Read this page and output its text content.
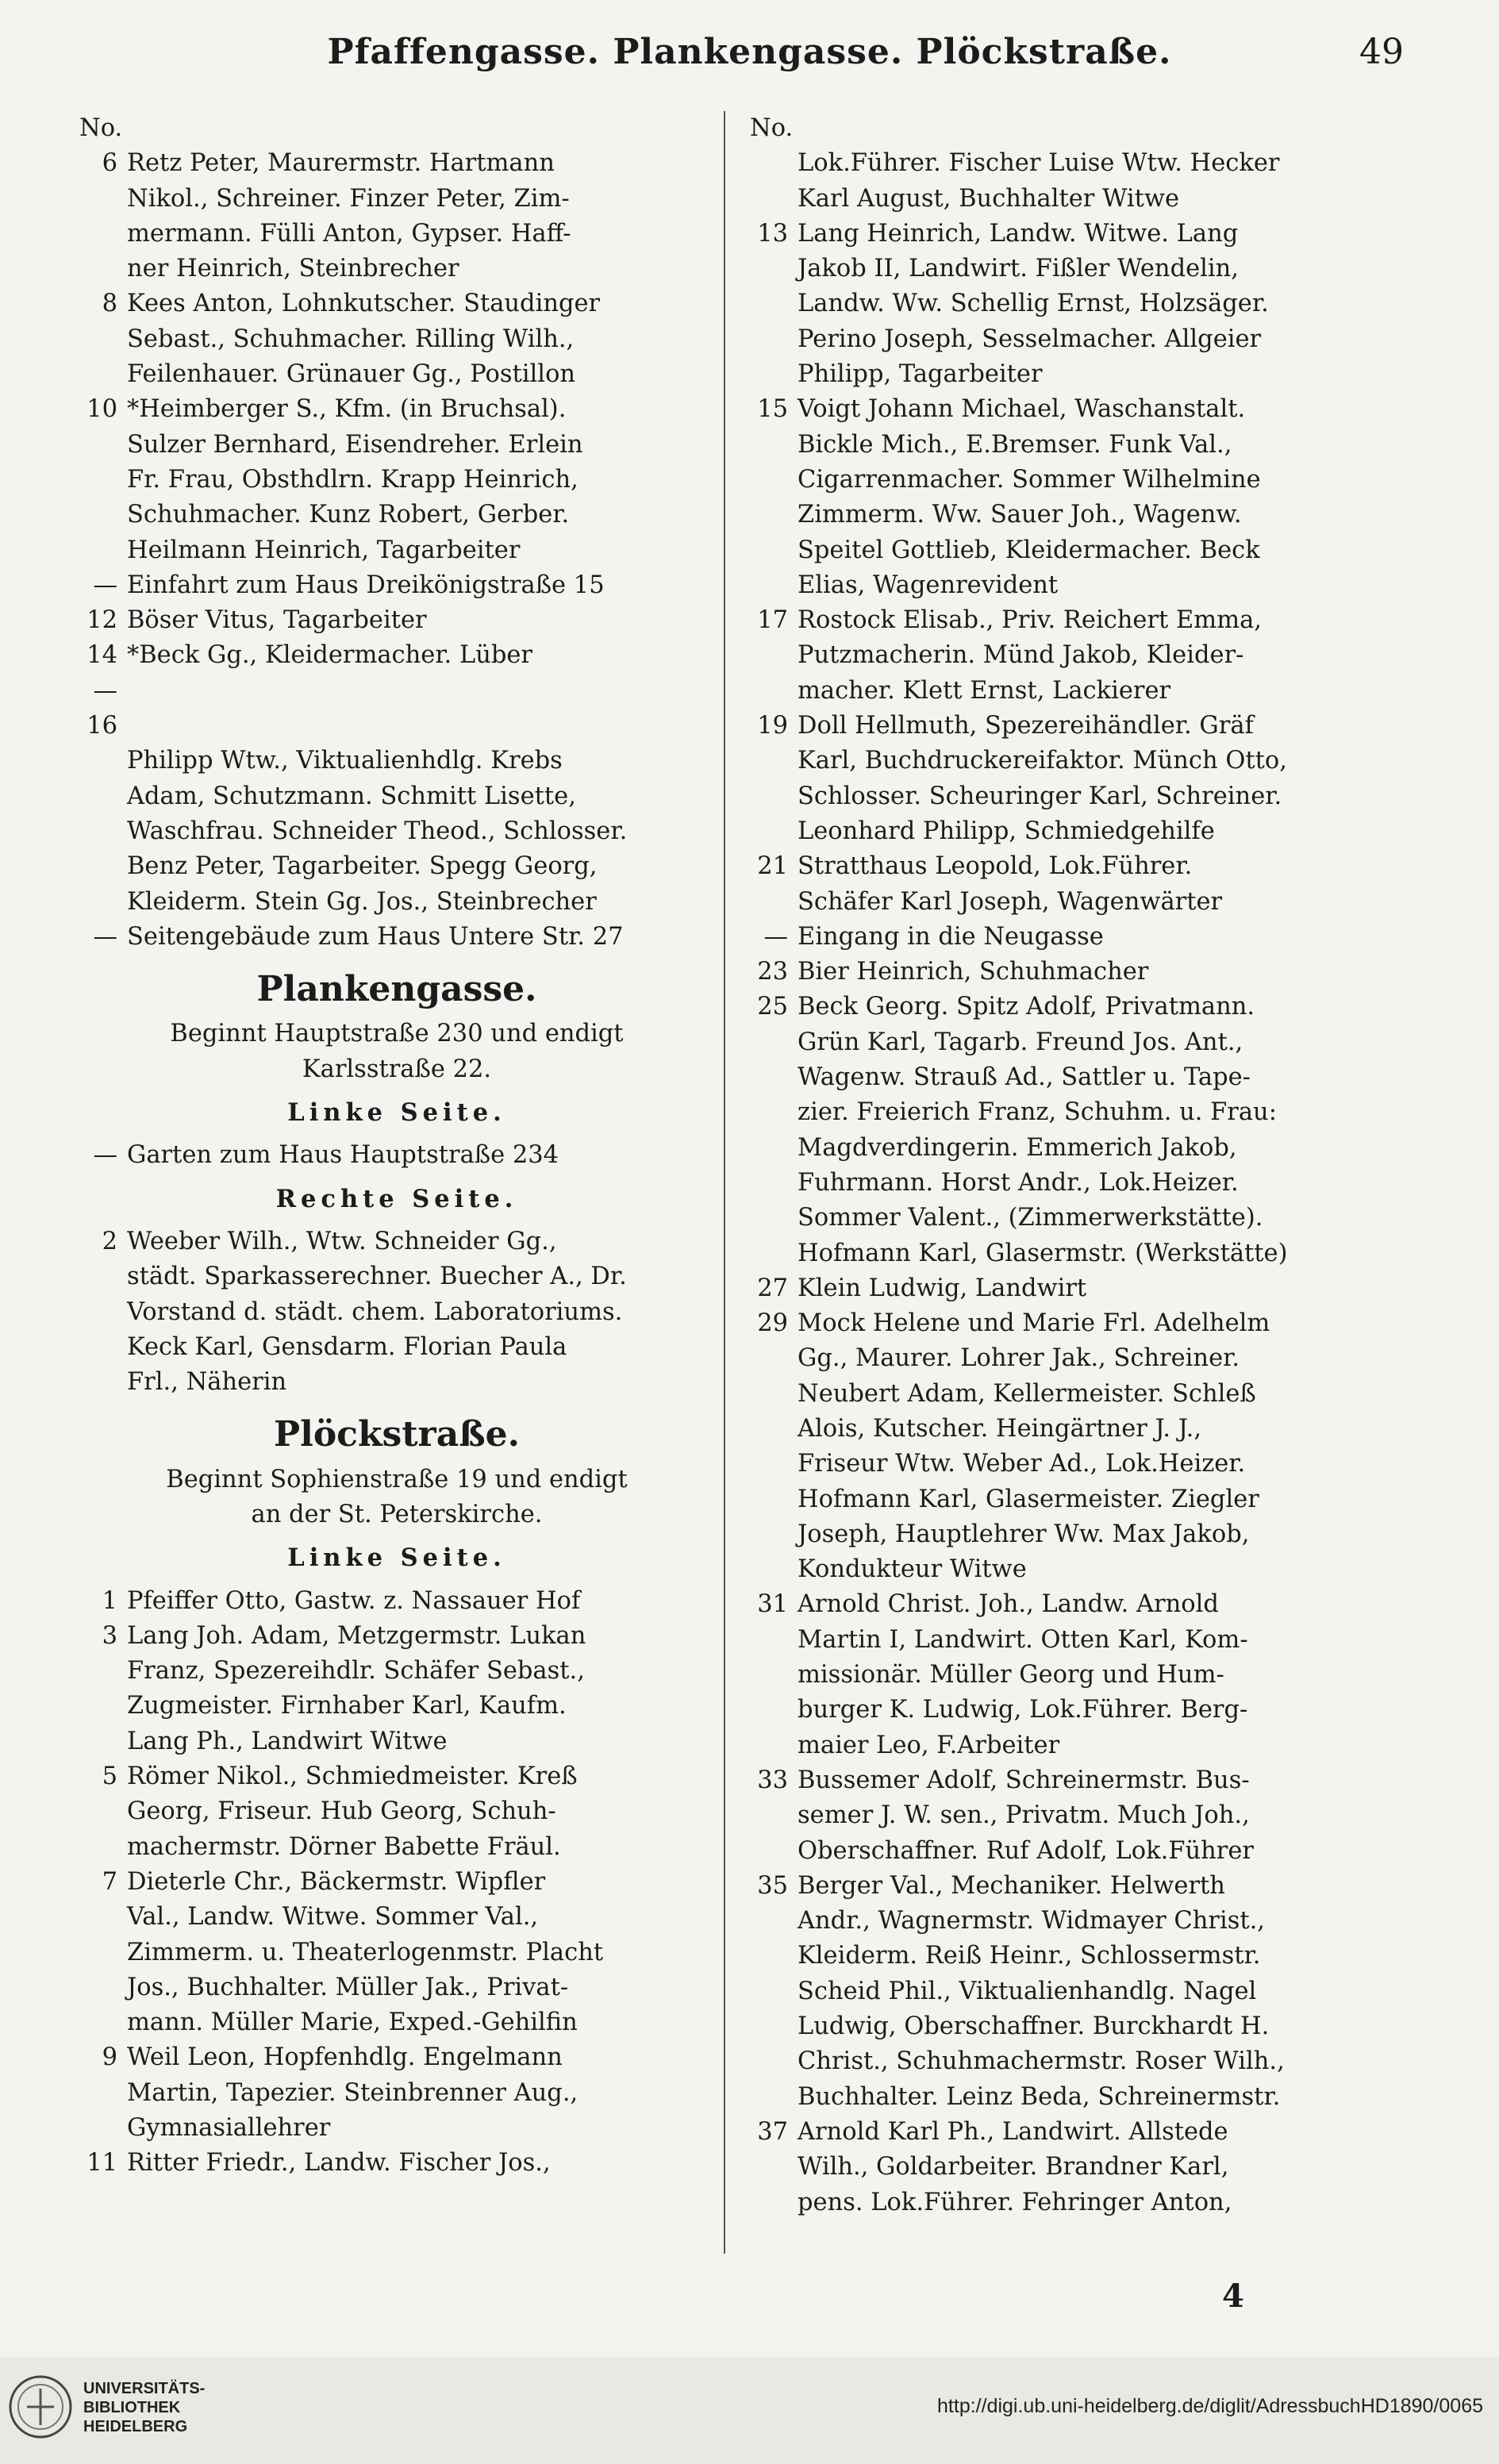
Pfaffengasse. Plankengasse. Plöckstraße.	49
No.
6 Retz Peter, Maurermstr. Hartmann
Nikol., Schreiner. Finzer Peter, Zim-
mermann. Fülli Anton, Gypser. Haff-
ner Heinrich, Steinbrecher
8 Kees Anton, Lohnkutscher. Staudinger
Sebast., Schuhmacher. Rilling Wilh.,
Feilenhauer. Grünauer Gg., Postillon
10 *Heimberger S., Kfm. (in Bruchsal).
Sulzer Bernhard, Eisendreher. Erlein
Fr. Frau, Obsthdlrn. Krapp Heinrich,
Schuhmacher. Kunz Robert, Gerber.
Heilmann Heinrich, Tagarbeiter
— Einfahrt zum Haus Dreikönigstraße 15
12 Böser Vitus, Tagarbeiter
14—16
*Beck Gg., Kleidermacher. Lüber
Philipp Wtw., Viktualienhdlg. Krebs
Adam, Schutzmann. Schmitt Lisette,
Waschfrau. Schneider Theod., Schlosser.
Benz Peter, Tagarbeiter. Spegg Georg,
Kleiderm. Stein Gg. Jos., Steinbrecher
— Seitengebäude zum Haus Untere Str. 27
Plankengasse.
Beginnt Hauptstraße 230 und endigt
Karlsstraße 22.
Linke Seite.
— Garten zum Haus Hauptstraße 234
Rechte Seite.
2 Weeber Wilh., Wtw. Schneider Gg.,
städt. Sparkasserechner. Buecher A., Dr.
Vorstand d. städt. chem. Laboratoriums.
Keck Karl, Gensdarm. Florian Paula
Frl., Näherin
Plöckstraße.
Beginnt Sophienstraße 19 und endigt
an der St. Peterskirche.
Linke Seite.
1 Pfeiffer Otto, Gastw. z. Nassauer Hof
3 Lang Joh. Adam, Metzgermstr. Lukan
Franz, Spezereihdlr. Schäfer Sebast.,
Zugmeister. Firnhaber Karl, Kaufm.
Lang Ph., Landwirt Witwe
5 Römer Nikol., Schmiedmeister. Kreß
Georg, Friseur. Hub Georg, Schuh-
machermstr. Dörner Babette Fräul.
7 Dieterle Chr., Bäckermstr. Wipfler
Val., Landw. Witwe. Sommer Val.,
Zimmerm. u. Theaterlogenmstr. Placht
Jos., Buchhalter. Müller Jak., Privat-
mann. Müller Marie, Exped.-Gehilfin
9 Weil Leon, Hopfenhdlg. Engelmann
Martin, Tapezier. Steinbrenner Aug.,
Gymnasiallehrer
11 Ritter Friedr., Landw. Fischer Jos.,
No.
Lok.Führer. Fischer Luise Wtw. Hecker
Karl August, Buchhalter Witwe
13 Lang Heinrich, Landw. Witwe. Lang
Jakob II, Landwirt. Fißler Wendelin,
Landw. Ww. Schellig Ernst, Holzsäger.
Perino Joseph, Sesselmacher. Allgeier
Philipp, Tagarbeiter
15 Voigt Johann Michael, Waschanstalt.
Bickle Mich., E.Bremser. Funk Val.,
Cigarrenmacher. Sommer Wilhelmine
Zimmerm. Ww. Sauer Joh., Wagenw.
Speitel Gottlieb, Kleidermacher. Beck
Elias, Wagenrevident
17 Rostock Elisab., Priv. Reichert Emma,
Putzmacherin. Münd Jakob, Kleider-
macher. Klett Ernst, Lackierer
19 Doll Hellmuth, Spezereihändler. Gräf
Karl, Buchdruckereifaktor. Münch Otto,
Schlosser. Scheuringer Karl, Schreiner.
Leonhard Philipp, Schmiedgehilfe
21 Stratthaus Leopold, Lok.Führer.
Schäfer Karl Joseph, Wagenwärter
— Eingang in die Neugasse
23 Bier Heinrich, Schuhmacher
25 Beck Georg. Spitz Adolf, Privatmann.
Grün Karl, Tagarb. Freund Jos. Ant.,
Wagenw. Strauß Ad., Sattler u. Tape-
zier. Freierich Franz, Schuhm. u. Frau:
Magdverdingerin. Emmerich Jakob,
Fuhrmann. Horst Andr., Lok.Heizer.
Sommer Valent., (Zimmerwerkstätte).
Hofmann Karl, Glasermstr. (Werkstätte)
27 Klein Ludwig, Landwirt
29 Mock Helene und Marie Frl. Adelhelm
Gg., Maurer. Lohrer Jak., Schreiner.
Neubert Adam, Kellermeister. Schleß
Alois, Kutscher. Heingärtner J. J.,
Friseur Wtw. Weber Ad., Lok.Heizer.
Hofmann Karl, Glasermeister. Ziegler
Joseph, Hauptlehrer Ww. Max Jakob,
Kondukteur Witwe
31 Arnold Christ. Joh., Landw. Arnold
Martin I, Landwirt. Otten Karl, Kom-
missionär. Müller Georg und Hum-
burger K. Ludwig, Lok.Führer. Berg-
maier Leo, F.Arbeiter
33 Bussemer Adolf, Schreinermstr. Bus-
semer J. W. sen., Privatm. Much Joh.,
Oberschaffner. Ruf Adolf, Lok.Führer
35 Berger Val., Mechaniker. Helwerth
Andr., Wagnermstr. Widmayer Christ.,
Kleiderm. Reiß Heinr., Schlossermstr.
Scheid Phil., Viktualienhandlg. Nagel
Ludwig, Oberschaffner. Burckhardt H.
Christ., Schuhmachermstr. Roser Wilh.,
Buchhalter. Leinz Beda, Schreinermstr.
37 Arnold Karl Ph., Landwirt. Allstede
Wilh., Goldarbeiter. Brandner Karl,
pens. Lok.Führer. Fehringer Anton,
4
UNIVERSITÄTS-
BIBLIOTHEK
HEIDELBERG
http://digi.ub.uni-heidelberg.de/diglit/AdressbuchHD1890/0065
